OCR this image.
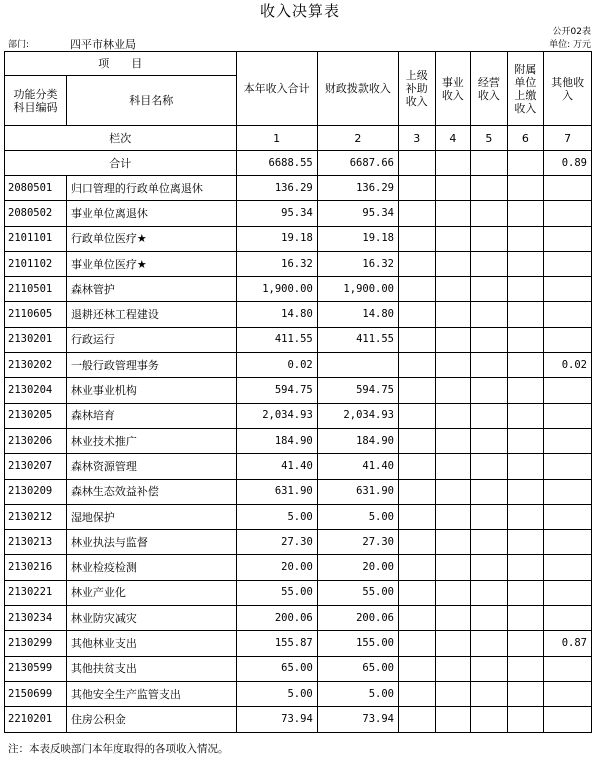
收入决算表
公开02表
部门:	四平市林业局	单位: 万元
项　　目		本年收入合计	财政拨款收入	上级补助收入	事业收入	经营收入	附属单位上缴收入	其他收入
功能分类科目编码	科目名称							
栏次		1	2	3	4	5	6	7
合计		6688.55	6687.66					0.89
2080501	归口管理的行政单位离退休	136.29	136.29					
2080502	事业单位离退休	95.34	95.34					
2101101	行政单位医疗★	19.18	19.18					
2101102	事业单位医疗★	16.32	16.32					
2110501	森林管护	1,900.00	1,900.00					
2110605	退耕还林工程建设	14.80	14.80					
2130201	行政运行	411.55	411.55					
2130202	一般行政管理事务	0.02						0.02
2130204	林业事业机构	594.75	594.75					
2130205	森林培育	2,034.93	2,034.93					
2130206	林业技术推广	184.90	184.90					
2130207	森林资源管理	41.40	41.40					
2130209	森林生态效益补偿	631.90	631.90					
2130212	湿地保护	5.00	5.00					
2130213	林业执法与监督	27.30	27.30					
2130216	林业检疫检测	20.00	20.00					
2130221	林业产业化	55.00	55.00					
2130234	林业防灾减灾	200.06	200.06					
2130299	其他林业支出	155.87	155.00					0.87
2130599	其他扶贫支出	65.00	65.00					
2150699	其他安全生产监管支出	5.00	5.00					
2210201	住房公积金	73.94	73.94					
注：本表反映部门本年度取得的各项收入情况。
